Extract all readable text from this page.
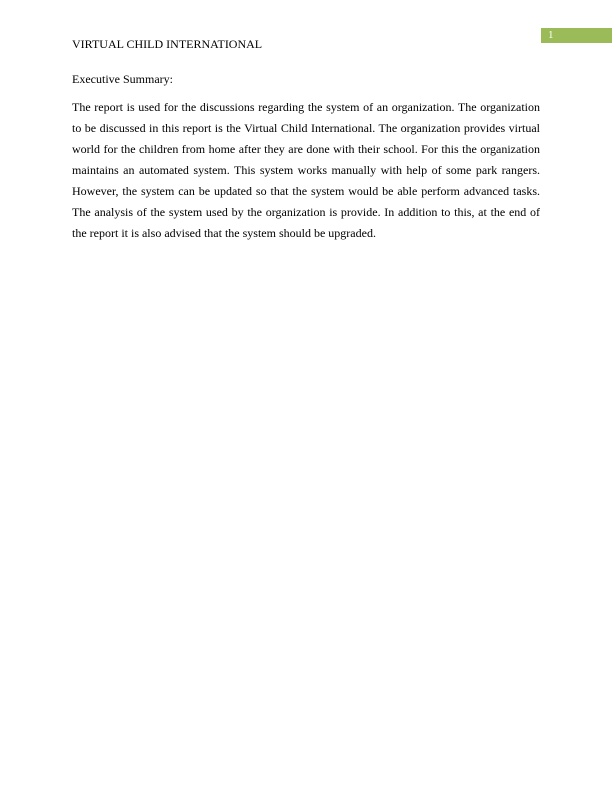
1
VIRTUAL CHILD INTERNATIONAL
Executive Summary:

The report is used for the discussions regarding the system of an organization. The organization to be discussed in this report is the Virtual Child International. The organization provides virtual world for the children from home after they are done with their school. For this the organization maintains an automated system. This system works manually with help of some park rangers. However, the system can be updated so that the system would be able perform advanced tasks. The analysis of the system used by the organization is provide. In addition to this, at the end of the report it is also advised that the system should be upgraded.
